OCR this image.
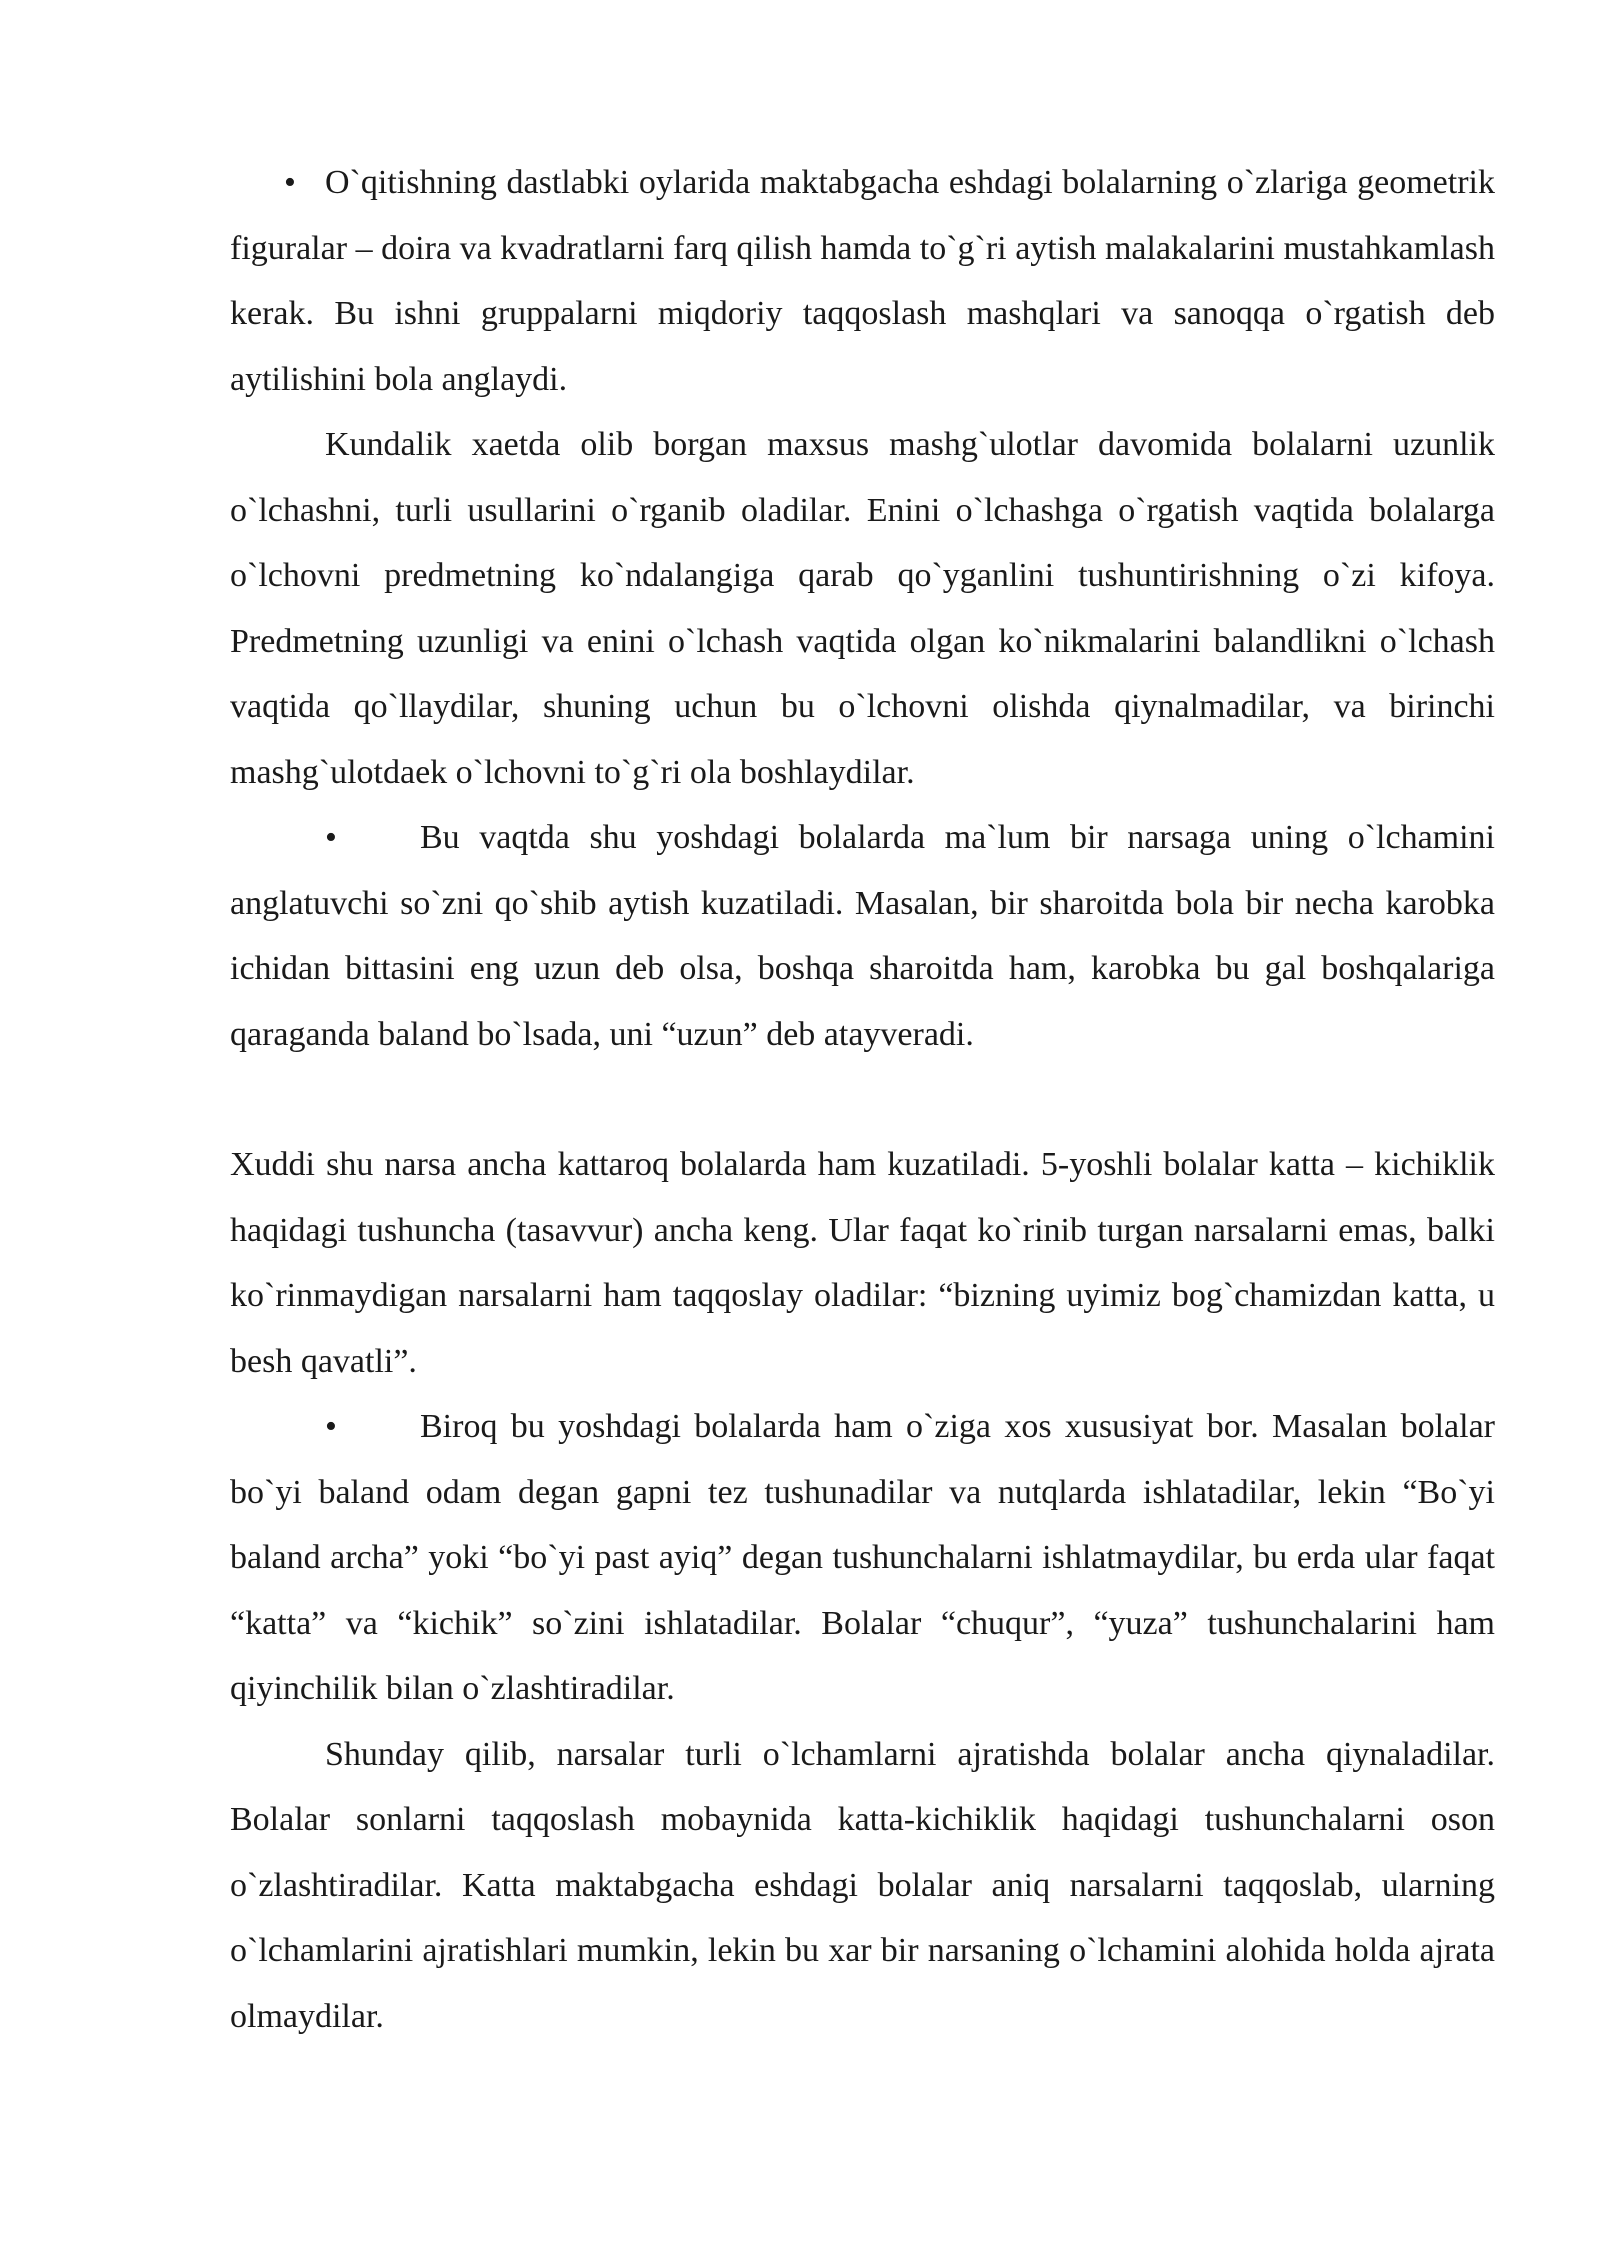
• O`qitishning dastlabki oylarida maktabgacha eshdagi bolalarning o`zlariga geometrik figuralar – doira va kvadratlarni farq qilish hamda to`g`ri aytish malakalarini mustahkamlash kerak. Bu ishni gruppalarni miqdoriy taqqoslash mashqlari va sanoqqa o`rgatish deb aytilishini bola anglaydi.

Kundalik xaetda olib borgan maxsus mashg`ulotlar davomida bolalarni uzunlik o`lchashni, turli usullarini o`rganib oladilar. Enini o`lchashga o`rgatish vaqtida bolalarga o`lchovni predmetning ko`ndalangiga qarab qo`yganlini tushuntirishning o`zi kifoya. Predmetning uzunligi va enini o`lchash vaqtida olgan ko`nikmalarini balandlikni o`lchash vaqtida qo`llaydilar, shuning uchun bu o`lchovni olishda qiynalmadilar, va birinchi mashg`ulotdaek o`lchovni to`g`ri ola boshlaydilar.

• Bu vaqtda shu yoshdagi bolalarda ma`lum bir narsaga uning o`lchamini anglatuvchi so`zni qo`shib aytish kuzatiladi. Masalan, bir sharoitda bola bir necha karobka ichidan bittasini eng uzun deb olsa, boshqa sharoitda ham, karobka bu gal boshqalariga qaraganda baland bo`lsada, uni “uzun” deb atayveradi.

Xuddi shu narsa ancha kattaroq bolalarda ham kuzatiladi. 5-yoshli bolalar katta – kichiklik haqidagi tushuncha (tasavvur) ancha keng. Ular faqat ko`rinib turgan narsalarni emas, balki ko`rinmaydigan narsalarni ham taqqoslay oladilar: “bizning uyimiz bog`chamizdan katta, u besh qavatli”.

• Biroq bu yoshdagi bolalarda ham o`ziga xos xususiyat bor. Masalan bolalar bo`yi baland odam degan gapni tez tushunadilar va nutqlarda ishlatadilar, lekin “Bo`yi baland archa” yoki “bo`yi past ayiq” degan tushunchalarni ishlatmaydilar, bu erda ular faqat “katta” va “kichik” so`zini ishlatadilar. Bolalar “chuqur”, “yuza” tushunchalarini ham qiyinchilik bilan o`zlashtiradilar.

Shunday qilib, narsalar turli o`lchamlarni ajratishda bolalar ancha qiynaladilar. Bolalar sonlarni taqqoslash mobaynida katta-kichiklik haqidagi tushunchalarni oson o`zlashtiradilar. Katta maktabgacha eshdagi bolalar aniq narsalarni taqqoslab, ularning o`lchamlarini ajratishlari mumkin, lekin bu xar bir narsaning o`lchamini alohida holda ajrata olmaydilar.
